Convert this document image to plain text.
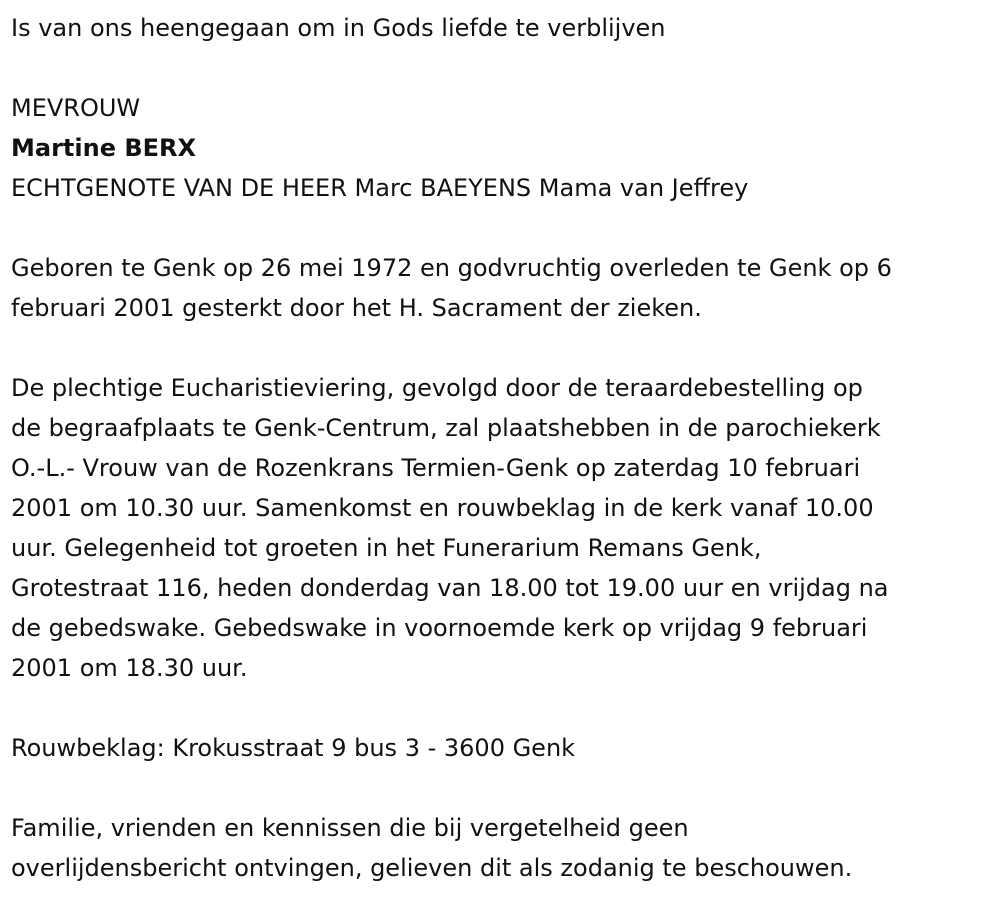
Is van ons heengegaan om in Gods liefde te verblijven

MEVROUW

Martine BERX

ECHTGENOTE VAN DE HEER Marc BAEYENS Mama van Jeffrey

Geboren te Genk op 26 mei 1972 en godvruchtig overleden te Genk op 6

februari 2001 gesterkt door het H. Sacrament der zieken.

De plechtige Eucharistieviering, gevolgd door de teraardebestelling op

de begraafplaats te Genk-Centrum, zal plaatshebben in de parochiekerk

O.-L.- Vrouw van de Rozenkrans Termien-Genk op zaterdag 10 februari

2001 om 10.30 uur. Samenkomst en rouwbeklag in de kerk vanaf 10.00

uur. Gelegenheid tot groeten in het Funerarium Remans Genk,

Grotestraat 116, heden donderdag van 18.00 tot 19.00 uur en vrijdag na

de gebedswake. Gebedswake in voornoemde kerk op vrijdag 9 februari

2001 om 18.30 uur.

Rouwbeklag: Krokusstraat 9 bus 3 - 3600 Genk

Familie, vrienden en kennissen die bij vergetelheid geen

overlijdensbericht ontvingen, gelieven dit als zodanig te beschouwen.
